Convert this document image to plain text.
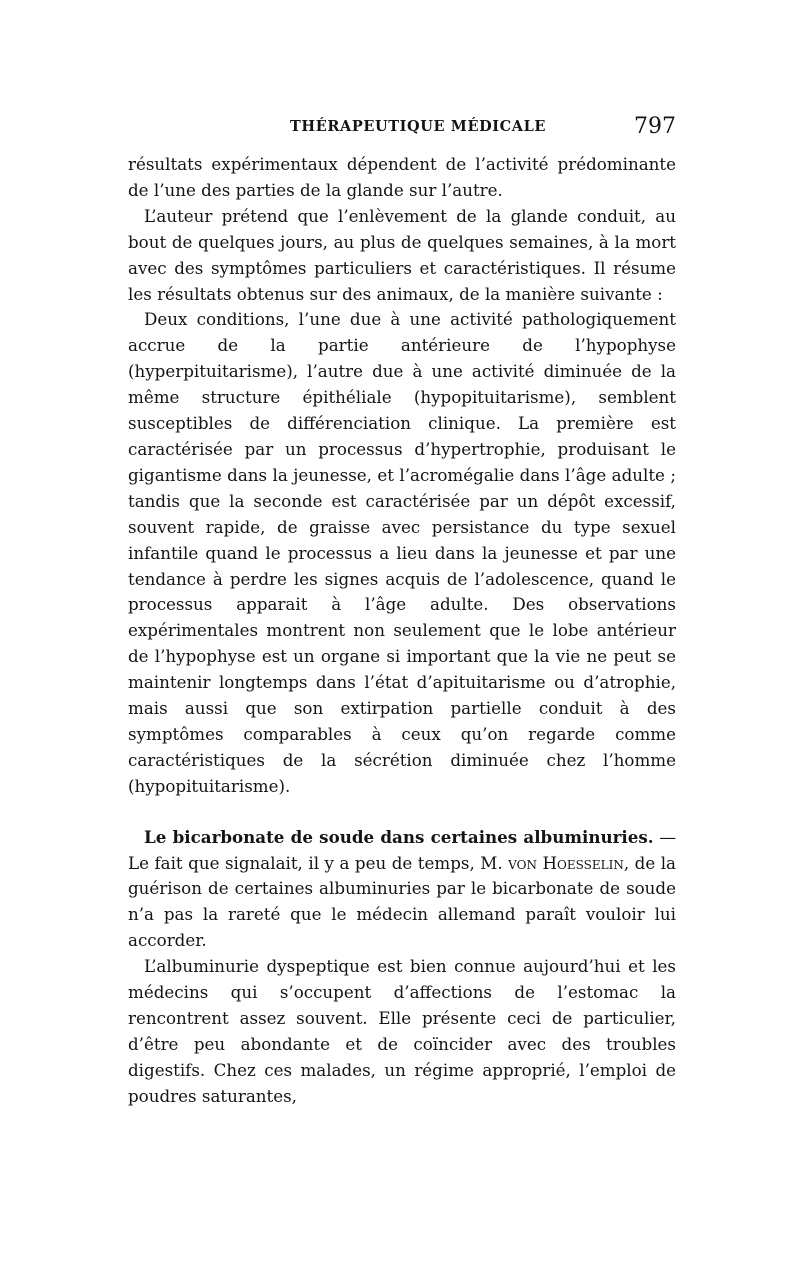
THÉRAPEUTIQUE MÉDICALE	797

résultats expérimentaux dépendent de l’activité prédominante de l’une des parties de la glande sur l’autre.

L’auteur prétend que l’enlèvement de la glande conduit, au bout de quelques jours, au plus de quelques semaines, à la mort avec des symptômes particuliers et caractéristiques. Il résume les résultats obtenus sur des animaux, de la manière suivante :

Deux conditions, l’une due à une activité pathologiquement accrue de la partie antérieure de l’hypophyse (hyperpituitarisme), l’autre due à une activité diminuée de la même structure épithéliale (hypopituitarisme), semblent susceptibles de différenciation clinique. La première est caractérisée par un processus d’hypertrophie, produisant le gigantisme dans la jeunesse, et l’acromégalie dans l’âge adulte ; tandis que la seconde est caractérisée par un dépôt excessif, souvent rapide, de graisse avec persistance du type sexuel infantile quand le processus a lieu dans la jeunesse et par une tendance à perdre les signes acquis de l’adolescence, quand le processus apparait à l’âge adulte. Des observations expérimentales montrent non seulement que le lobe antérieur de l’hypophyse est un organe si important que la vie ne peut se maintenir longtemps dans l’état d’apituitarisme ou d’atrophie, mais aussi que son extirpation partielle conduit à des symptômes comparables à ceux qu’on regarde comme caractéristiques de la sécrétion diminuée chez l’homme (hypopituitarisme).

Le bicarbonate de soude dans certaines albuminuries. — Le fait que signalait, il y a peu de temps, M. von Hoesselin, de la guérison de certaines albuminuries par le bicarbonate de soude n’a pas la rareté que le médecin allemand paraît vouloir lui accorder.

L’albuminurie dyspeptique est bien connue aujourd’hui et les médecins qui s’occupent d’affections de l’estomac la rencontrent assez souvent. Elle présente ceci de particulier, d’être peu abondante et de coïncider avec des troubles digestifs. Chez ces malades, un régime approprié, l’emploi de poudres saturantes,
